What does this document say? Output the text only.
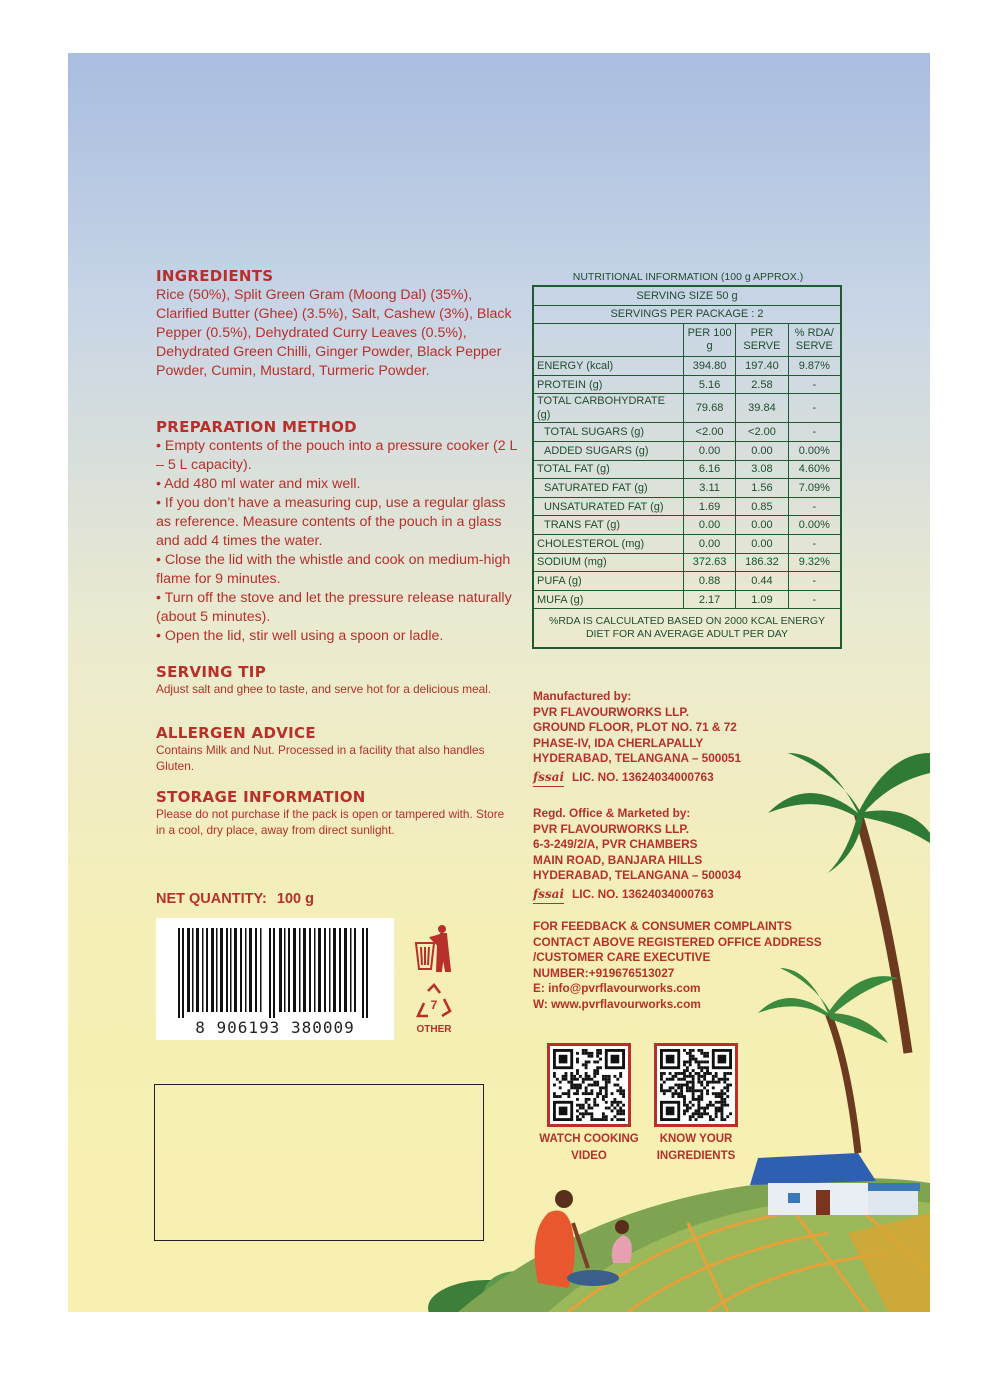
INGREDIENTS
Rice (50%), Split Green Gram (Moong Dal) (35%), Clarified Butter (Ghee) (3.5%), Salt, Cashew (3%), Black Pepper (0.5%), Dehydrated Curry Leaves (0.5%), Dehydrated Green Chilli, Ginger Powder, Black Pepper Powder, Cumin, Mustard, Turmeric Powder.
PREPARATION METHOD

• Empty contents of the pouch into a pressure cooker (2 L – 5 L capacity).

• Add 480 ml water and mix well.

• If you don’t have a measuring cup, use a regular glass as reference. Measure contents of the pouch in a glass and add 4 times the water.

• Close the lid with the whistle and cook on medium-high flame for 9 minutes.

• Turn off the stove and let the pressure release naturally (about 5 minutes).

• Open the lid, stir well using a spoon or ladle.

SERVING TIP
Adjust salt and ghee to taste, and serve hot for a delicious meal.
ALLERGEN ADVICE
Contains Milk and Nut. Processed in a facility that also handles Gluten.
STORAGE INFORMATION
Please do not purchase if the pack is open or tampered with. Store in a cool, dry place, away from direct sunlight.
NET QUANTITY: 100 g
8 906193 380009
7
OTHER
NUTRITIONAL INFORMATION (100 g APPROX.)
SERVING SIZE 50 g			
SERVINGS PER PACKAGE : 2			
	PER 100 g	PER SERVE	% RDA/ SERVE
ENERGY (kcal)	394.80	197.40	9.87%
PROTEIN (g)	5.16	2.58	-
TOTAL CARBOHYDRATE (g)	79.68	39.84	-
TOTAL SUGARS (g)	<2.00	<2.00	-
ADDED SUGARS (g)	0.00	0.00	0.00%
TOTAL FAT (g)	6.16	3.08	4.60%
SATURATED FAT (g)	3.11	1.56	7.09%
UNSATURATED FAT (g)	1.69	0.85	-
TRANS FAT (g)	0.00	0.00	0.00%
CHOLESTEROL (mg)	0.00	0.00	-
SODIUM (mg)	372.63	186.32	9.32%
PUFA (g)	0.88	0.44	-
MUFA (g)	2.17	1.09	-
%RDA IS CALCULATED BASED ON 2000 KCAL ENERGY DIET FOR AN AVERAGE ADULT PER DAY			
Manufactured by:
PVR FLAVOURWORKS LLP.
GROUND FLOOR, PLOT NO. 71 & 72
PHASE-IV, IDA CHERLAPALLY
HYDERABAD, TELANGANA – 500051
fssai LIC. NO. 13624034000763
Regd. Office & Marketed by:
PVR FLAVOURWORKS LLP.
6-3-249/2/A, PVR CHAMBERS
MAIN ROAD, BANJARA HILLS
HYDERABAD, TELANGANA – 500034
fssai LIC. NO. 13624034000763
FOR FEEDBACK & CONSUMER COMPLAINTS
CONTACT ABOVE REGISTERED OFFICE ADDRESS
/CUSTOMER CARE EXECUTIVE
NUMBER:+919676513027
E: info@pvrflavourworks.com
W: www.pvrflavourworks.com
WATCH COOKING
VIDEO
KNOW YOUR
INGREDIENTS
